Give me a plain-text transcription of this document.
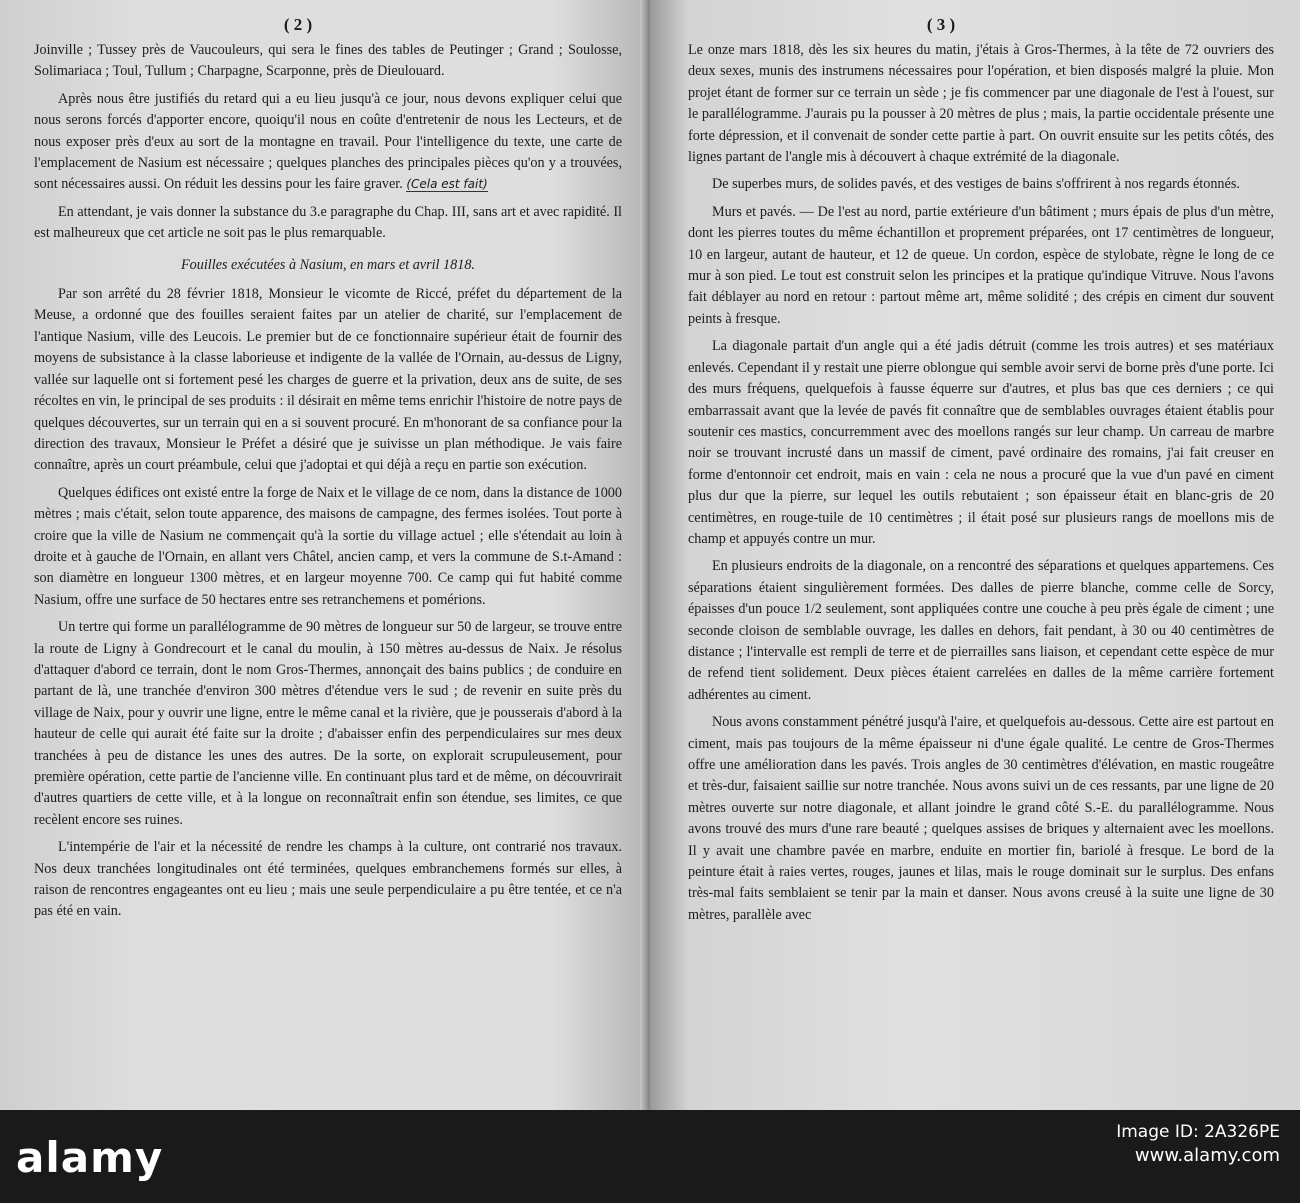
( 2 )

Joinville ; Tussey près de Vaucouleurs, qui sera le fines des tables de Peutinger ; Grand ; Soulosse, Solimariaca ; Toul, Tullum ; Charpagne, Scarponne, près de Dieulouard.

Après nous être justifiés du retard qui a eu lieu jusqu'à ce jour, nous devons expliquer celui que nous serons forcés d'apporter encore, quoiqu'il nous en coûte d'entretenir de nous les Lecteurs, et de nous exposer près d'eux au sort de la montagne en travail. Pour l'intelligence du texte, une carte de l'emplacement de Nasium est nécessaire ; quelques planches des principales pièces qu'on y a trouvées, sont nécessaires aussi. On réduit les dessins pour les faire graver. (Cela est fait)

En attendant, je vais donner la substance du 3.e paragraphe du Chap. III, sans art et avec rapidité. Il est malheureux que cet article ne soit pas le plus remarquable.

Fouilles exécutées à Nasium, en mars et avril 1818.

Par son arrêté du 28 février 1818, Monsieur le vicomte de Riccé, préfet du département de la Meuse, a ordonné que des fouilles seraient faites par un atelier de charité, sur l'emplacement de l'antique Nasium, ville des Leucois. Le premier but de ce fonctionnaire supérieur était de fournir des moyens de subsistance à la classe laborieuse et indigente de la vallée de l'Ornain, au-dessus de Ligny, vallée sur laquelle ont si fortement pesé les charges de guerre et la privation, deux ans de suite, de ses récoltes en vin, le principal de ses produits : il désirait en même tems enrichir l'histoire de notre pays de quelques découvertes, sur un terrain qui en a si souvent procuré. En m'honorant de sa confiance pour la direction des travaux, Monsieur le Préfet a désiré que je suivisse un plan méthodique. Je vais faire connaître, après un court préambule, celui que j'adoptai et qui déjà a reçu en partie son exécution.

Quelques édifices ont existé entre la forge de Naix et le village de ce nom, dans la distance de 1000 mètres ; mais c'était, selon toute apparence, des maisons de campagne, des fermes isolées. Tout porte à croire que la ville de Nasium ne commençait qu'à la sortie du village actuel ; elle s'étendait au loin à droite et à gauche de l'Ornain, en allant vers Châtel, ancien camp, et vers la commune de S.t-Amand : son diamètre en longueur 1300 mètres, et en largeur moyenne 700. Ce camp qui fut habité comme Nasium, offre une surface de 50 hectares entre ses retranchemens et pomérions.

Un tertre qui forme un parallélogramme de 90 mètres de longueur sur 50 de largeur, se trouve entre la route de Ligny à Gondrecourt et le canal du moulin, à 150 mètres au-dessus de Naix. Je résolus d'attaquer d'abord ce terrain, dont le nom Gros-Thermes, annonçait des bains publics ; de conduire en partant de là, une tranchée d'environ 300 mètres d'étendue vers le sud ; de revenir en suite près du village de Naix, pour y ouvrir une ligne, entre le même canal et la rivière, que je pousserais d'abord à la hauteur de celle qui aurait été faite sur la droite ; d'abaisser enfin des perpendiculaires sur mes deux tranchées à peu de distance les unes des autres. De la sorte, on explorait scrupuleusement, pour première opération, cette partie de l'ancienne ville. En continuant plus tard et de même, on découvrirait d'autres quartiers de cette ville, et à la longue on reconnaîtrait enfin son étendue, ses limites, ce que recèlent encore ses ruines.

L'intempérie de l'air et la nécessité de rendre les champs à la culture, ont contrarié nos travaux. Nos deux tranchées longitudinales ont été terminées, quelques embranchemens formés sur elles, à raison de rencontres engageantes ont eu lieu ; mais une seule perpendiculaire a pu être tentée, et ce n'a pas été en vain.

( 3 )

Le onze mars 1818, dès les six heures du matin, j'étais à Gros-Thermes, à la tête de 72 ouvriers des deux sexes, munis des instrumens nécessaires pour l'opération, et bien disposés malgré la pluie. Mon projet étant de former sur ce terrain un sède ; je fis commencer par une diagonale de l'est à l'ouest, sur le parallélogramme. J'aurais pu la pousser à 20 mètres de plus ; mais, la partie occidentale présente une forte dépression, et il convenait de sonder cette partie à part. On ouvrit ensuite sur les petits côtés, des lignes partant de l'angle mis à découvert à chaque extrémité de la diagonale.

De superbes murs, de solides pavés, et des vestiges de bains s'offrirent à nos regards étonnés.

Murs et pavés. — De l'est au nord, partie extérieure d'un bâtiment ; murs épais de plus d'un mètre, dont les pierres toutes du même échantillon et proprement préparées, ont 17 centimètres de longueur, 10 en largeur, autant de hauteur, et 12 de queue. Un cordon, espèce de stylobate, règne le long de ce mur à son pied. Le tout est construit selon les principes et la pratique qu'indique Vitruve. Nous l'avons fait déblayer au nord en retour : partout même art, même solidité ; des crépis en ciment dur souvent peints à fresque.

La diagonale partait d'un angle qui a été jadis détruit (comme les trois autres) et ses matériaux enlevés. Cependant il y restait une pierre oblongue qui semble avoir servi de borne près d'une porte. Ici des murs fréquens, quelquefois à fausse équerre sur d'autres, et plus bas que ces derniers ; ce qui embarrassait avant que la levée de pavés fit connaître que de semblables ouvrages étaient établis pour soutenir ces mastics, concurremment avec des moellons rangés sur leur champ. Un carreau de marbre noir se trouvant incrusté dans un massif de ciment, pavé ordinaire des romains, j'ai fait creuser en forme d'entonnoir cet endroit, mais en vain : cela ne nous a procuré que la vue d'un pavé en ciment plus dur que la pierre, sur lequel les outils rebutaient ; son épaisseur était en blanc-gris de 20 centimètres, en rouge-tuile de 10 centimètres ; il était posé sur plusieurs rangs de moellons mis de champ et appuyés contre un mur.

En plusieurs endroits de la diagonale, on a rencontré des séparations et quelques appartemens. Ces séparations étaient singulièrement formées. Des dalles de pierre blanche, comme celle de Sorcy, épaisses d'un pouce 1/2 seulement, sont appliquées contre une couche à peu près égale de ciment ; une seconde cloison de semblable ouvrage, les dalles en dehors, fait pendant, à 30 ou 40 centimètres de distance ; l'intervalle est rempli de terre et de pierrailles sans liaison, et cependant cette espèce de mur de refend tient solidement. Deux pièces étaient carrelées en dalles de la même carrière fortement adhérentes au ciment.

Nous avons constamment pénétré jusqu'à l'aire, et quelquefois au-dessous. Cette aire est partout en ciment, mais pas toujours de la même épaisseur ni d'une égale qualité. Le centre de Gros-Thermes offre une amélioration dans les pavés. Trois angles de 30 centimètres d'élévation, en mastic rougeâtre et très-dur, faisaient saillie sur notre tranchée. Nous avons suivi un de ces ressants, par une ligne de 20 mètres ouverte sur notre diagonale, et allant joindre le grand côté S.-E. du parallélogramme. Nous avons trouvé des murs d'une rare beauté ; quelques assises de briques y alternaient avec les moellons. Il y avait une chambre pavée en marbre, enduite en mortier fin, bariolé à fresque. Le bord de la peinture était à raies vertes, rouges, jaunes et lilas, mais le rouge dominait sur le surplus. Des enfans très-mal faits semblaient se tenir par la main et danser. Nous avons creusé à la suite une ligne de 30 mètres, parallèle avec

alamy
Image ID: 2A326PE
www.alamy.com
